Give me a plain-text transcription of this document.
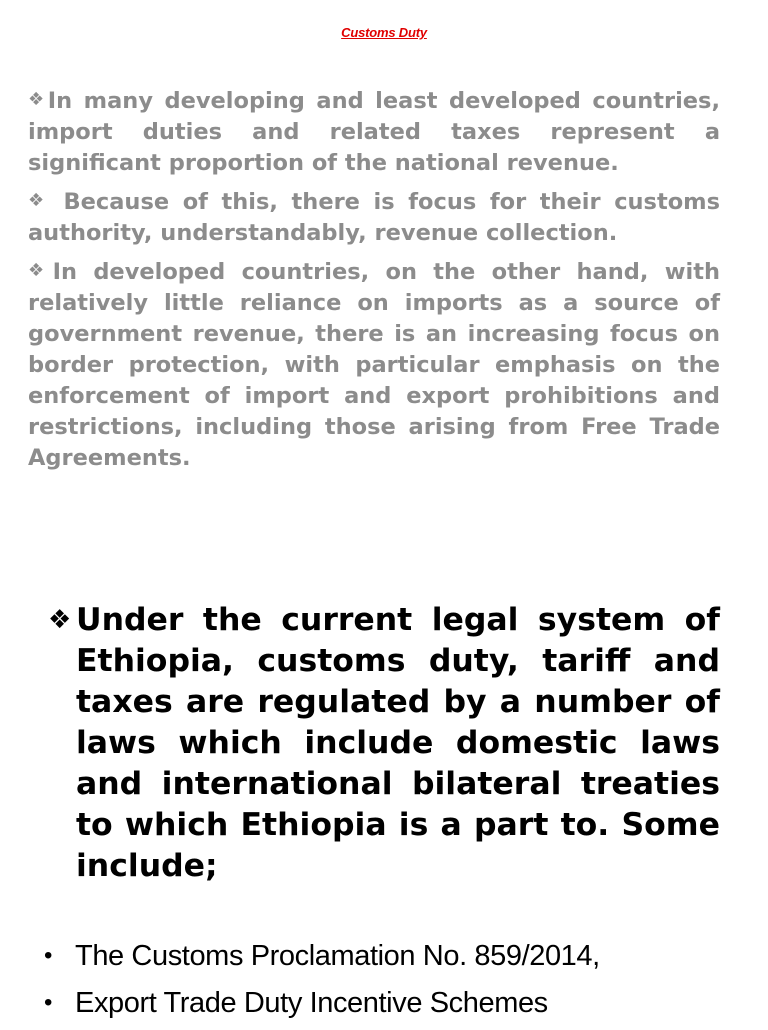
Customs Duty

❖In many developing and least developed countries, import duties and related taxes represent a significant proportion of the national revenue.

❖ Because of this, there is focus for their customs authority, understandably, revenue collection.

❖In developed countries, on the other hand, with relatively little reliance on imports as a source of government revenue, there is an increasing focus on border protection, with particular emphasis on the enforcement of import and export prohibitions and restrictions, including those arising from Free Trade Agreements.

❖ Under the current legal system of Ethiopia, customs duty, tariff and taxes are regulated by a number of laws which include domestic laws and international bilateral treaties to which Ethiopia is a part to. Some include;
• The Customs Proclamation No. 859/2014,
• Export Trade Duty Incentive Schemes
